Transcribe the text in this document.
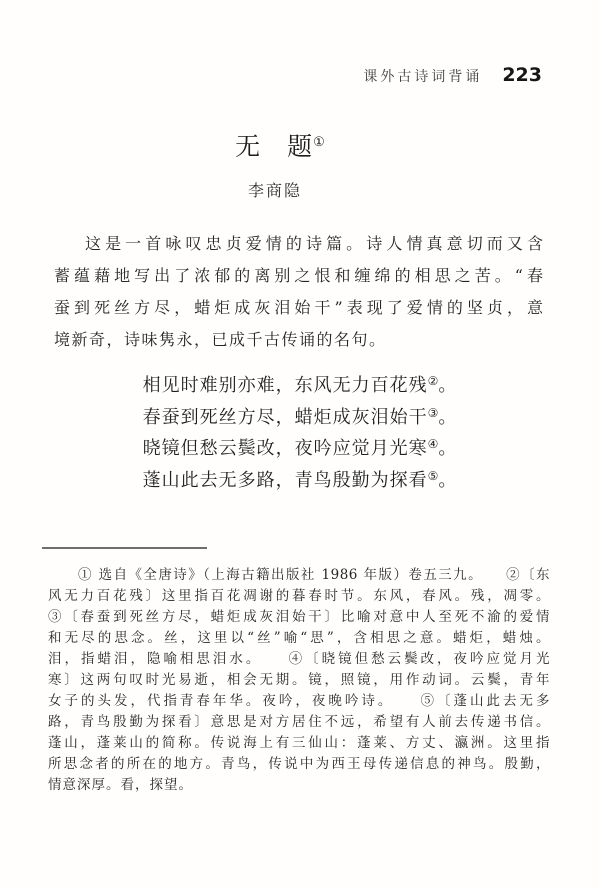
课外古诗词背诵 223
无　题①
李商隐
这是一首咏叹忠贞爱情的诗篇。诗人情真意切而又含
蓄蕴藉地写出了浓郁的离别之恨和缠绵的相思之苦。“春
蚕到死丝方尽，蜡炬成灰泪始干”表现了爱情的坚贞，意
境新奇，诗味隽永，已成千古传诵的名句。
相见时难别亦难，东风无力百花残②。
春蚕到死丝方尽，蜡炬成灰泪始干③。
晓镜但愁云鬓改，夜吟应觉月光寒④。
蓬山此去无多路，青鸟殷勤为探看⑤。
① 选自《全唐诗》（上海古籍出版社 1986 年版）卷五三九。　　②〔东
风无力百花残〕这里指百花凋谢的暮春时节。东风，春风。残，凋零。
③〔春蚕到死丝方尽，蜡炬成灰泪始干〕比喻对意中人至死不渝的爱情
和无尽的思念。丝，这里以“丝”喻“思”，含相思之意。蜡炬，蜡烛。
泪，指蜡泪，隐喻相思泪水。　　④〔晓镜但愁云鬓改，夜吟应觉月光
寒〕这两句叹时光易逝，相会无期。镜，照镜，用作动词。云鬓，青年
女子的头发，代指青春年华。夜吟，夜晚吟诗。　　⑤〔蓬山此去无多
路，青鸟殷勤为探看〕意思是对方居住不远，希望有人前去传递书信。
蓬山，蓬莱山的简称。传说海上有三仙山：蓬莱、方丈、瀛洲。这里指
所思念者的所在的地方。青鸟，传说中为西王母传递信息的神鸟。殷勤，
情意深厚。看，探望。
